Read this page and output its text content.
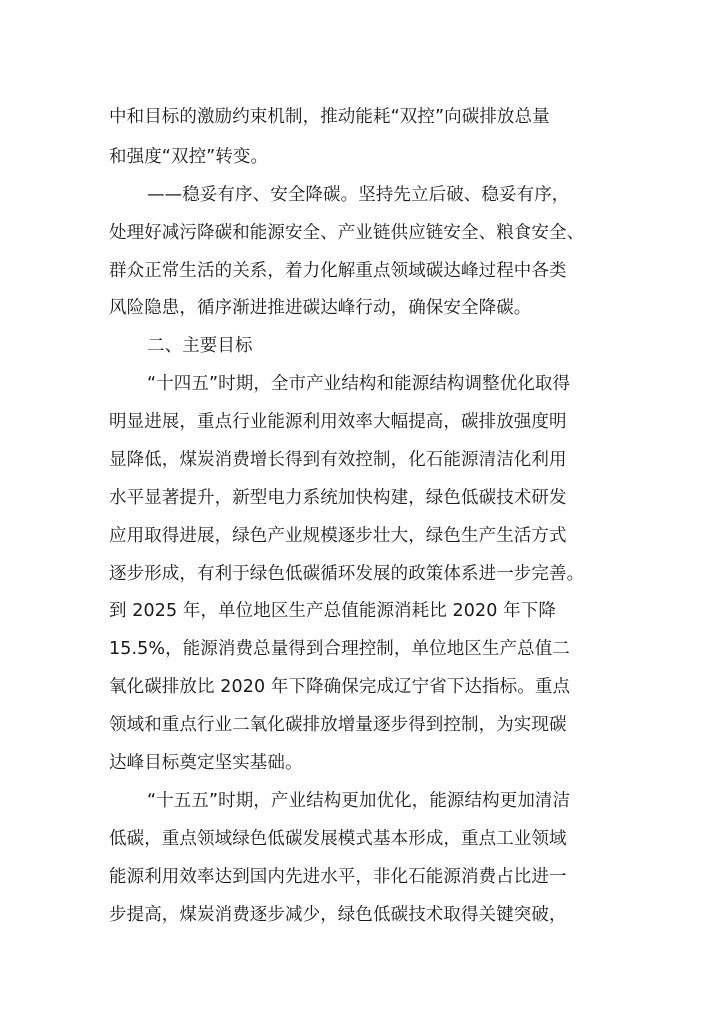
中和目标的激励约束机制，推动能耗“双控”向碳排放总量
和强度“双控”转变。
——稳妥有序、安全降碳。坚持先立后破、稳妥有序，
处理好减污降碳和能源安全、产业链供应链安全、粮食安全、
群众正常生活的关系，着力化解重点领域碳达峰过程中各类
风险隐患，循序渐进推进碳达峰行动，确保安全降碳。
二、主要目标
“十四五”时期，全市产业结构和能源结构调整优化取得
明显进展，重点行业能源利用效率大幅提高，碳排放强度明
显降低，煤炭消费增长得到有效控制，化石能源清洁化利用
水平显著提升，新型电力系统加快构建，绿色低碳技术研发
应用取得进展，绿色产业规模逐步壮大，绿色生产生活方式
逐步形成，有利于绿色低碳循环发展的政策体系进一步完善。
到 2025 年，单位地区生产总值能源消耗比 2020 年下降
15.5%，能源消费总量得到合理控制，单位地区生产总值二
氧化碳排放比 2020 年下降确保完成辽宁省下达指标。重点
领域和重点行业二氧化碳排放增量逐步得到控制，为实现碳
达峰目标奠定坚实基础。
“十五五”时期，产业结构更加优化，能源结构更加清洁
低碳，重点领域绿色低碳发展模式基本形成，重点工业领域
能源利用效率达到国内先进水平，非化石能源消费占比进一
步提高，煤炭消费逐步减少，绿色低碳技术取得关键突破，
